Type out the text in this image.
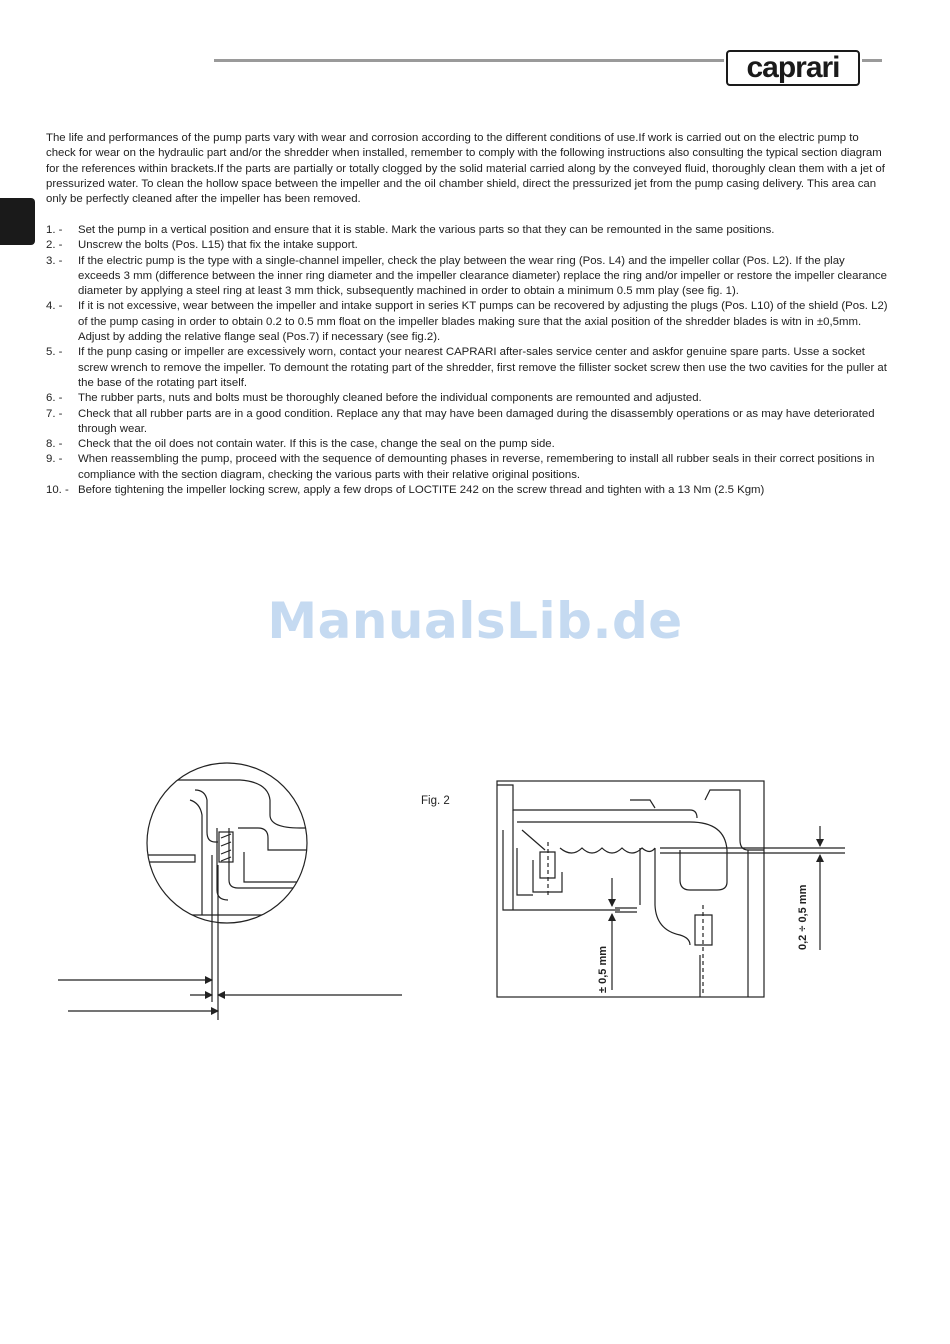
caprari

The life and performances of the pump parts vary with wear and corrosion according to the different conditions of use.If work is carried out on the electric pump to check for wear on the hydraulic part and/or the shredder when installed, remember to comply with the following instructions also consulting the typical section diagram for the references within brackets.If the parts are partially or totally clogged by the solid material carried along by the conveyed fluid, thoroughly clean them with a jet of pressurized water. To clean the hollow space between the impeller and the oil chamber shield, direct the pressurized jet from the pump casing delivery. This area can only be perfectly cleaned after the impeller has been removed.

1. -	Set the pump in a vertical position and ensure that it is stable. Mark the various parts so that they can be remounted in the same positions.
2. -	Unscrew the bolts (Pos. L15) that fix the intake support.
3. -	If the electric pump is the type with a single-channel impeller, check the play between the wear ring (Pos. L4) and the impeller collar (Pos. L2). If the play exceeds 3 mm (difference between the inner ring diameter and the impeller clearance diameter) replace the ring and/or impeller or restore the impeller clearance diameter by applying a steel ring at least 3 mm thick, subsequently machined in order to obtain a minimum 0.5 mm play (see fig. 1).
4. -	If it is not excessive, wear between the impeller and intake support in series KT pumps can be recovered by adjusting the plugs (Pos. L10) of the shield (Pos. L2) of the pump casing in order to obtain 0.2 to 0.5 mm float on the impeller blades making sure that the axial position of the shredder blades is witn in ±0,5mm. Adjust by adding the relative flange seal (Pos.7) if necessary (see fig.2).
5. -	If the punp casing or impeller are excessively worn, contact your nearest CAPRARI after-sales service center and askfor genuine spare parts. Usse a socket screw wrench to remove the impeller. To demount the rotating part of the shredder, first remove the fillister socket screw then use the two cavities for the puller at the base of the rotating part itself.
6. -	The rubber parts, nuts and bolts must be thoroughly cleaned before the individual components are remounted and adjusted.
7. -	Check that all rubber parts are in a good condition. Replace any that may have been damaged during the disassembly operations or as may have deteriorated through wear.
8. -	Check that the oil does not contain water. If this is the case, change the seal on the pump side.
9. -	When reassembling the pump, proceed with the sequence of demounting phases in reverse, remembering to install all rubber seals in their correct positions in compliance with the section diagram, checking the various parts with their relative original positions.
10. - Before tightening the impeller locking screw, apply a few drops of LOCTITE 242 on the screw thread and tighten with a 13 Nm (2.5 Kgm)
ManualsLib.de
Fig. 2
± 0,5 mm
0,2 ÷ 0,5 mm
